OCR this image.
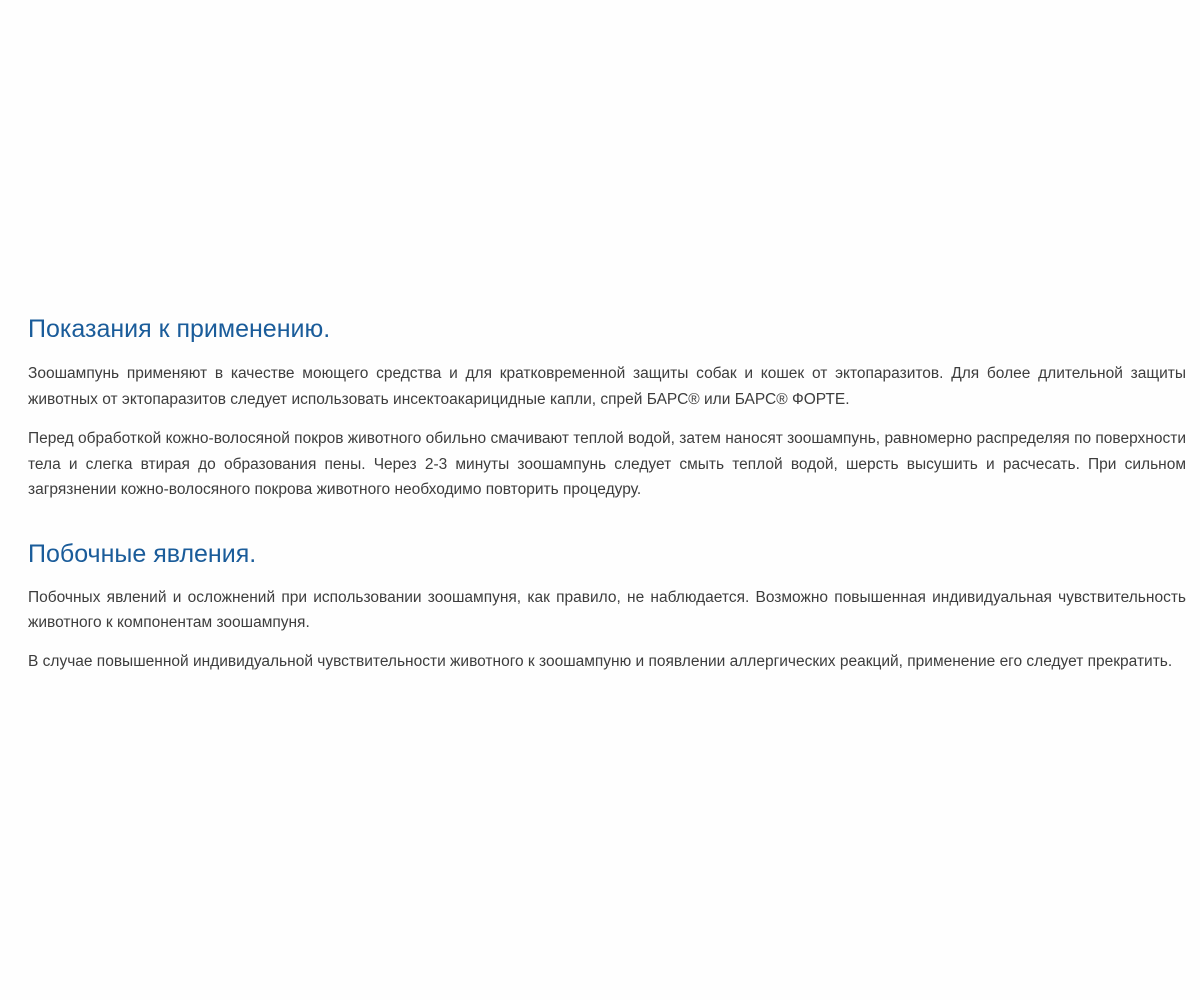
Показания к применению.

Зоошампунь применяют в качестве моющего средства и для кратковременной защиты собак и кошек от эктопаразитов. Для более длительной защиты животных от эктопаразитов следует использовать инсектоакарицидные капли, спрей БАРС® или БАРС® ФОРТЕ.

Перед обработкой кожно-волосяной покров животного обильно смачивают теплой водой, затем наносят зоошампунь, равномерно распределяя по поверхности тела и слегка втирая до образования пены. Через 2-3 минуты зоошампунь следует смыть теплой водой, шерсть высушить и расчесать. При сильном загрязнении кожно-волосяного покрова животного необходимо повторить процедуру.

Побочные явления.

Побочных явлений и осложнений при использовании зоошампуня, как правило, не наблюдается. Возможно повышенная индивидуальная чувствительность животного к компонентам зоошампуня.

В случае повышенной индивидуальной чувствительности животного к зоошампуню и появлении аллергических реакций, применение его следует прекратить.
